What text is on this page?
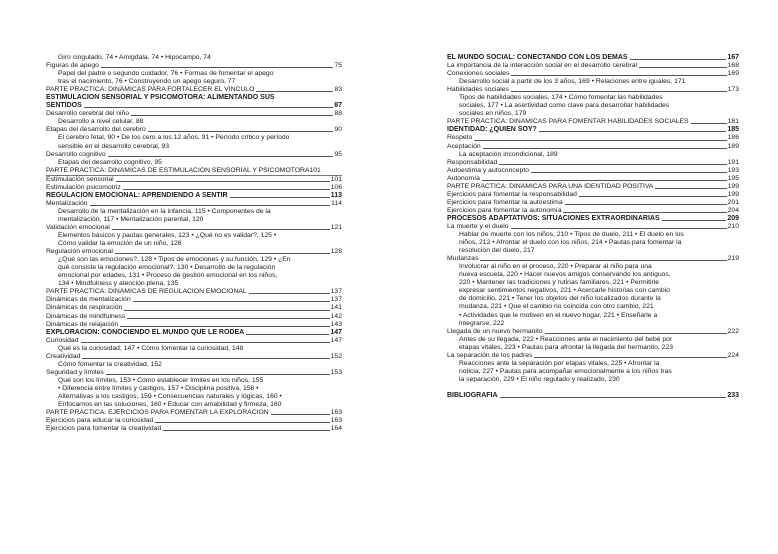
Giro cingulado, 74 • Amígdala, 74 • Hipocampo, 74
Figuras de apego	75
Papel del padre o segundo cuidador, 76 • Formas de fomentar el apego
tras el nacimiento, 76 • Construyendo un apego seguro, 77
PARTE PRÁCTICA: DINÁMICAS PARA FORTALECER EL VÍNCULO	83
ESTIMULACIÓN SENSORIAL Y PSICOMOTORA: ALIMENTANDO SUS
SENTIDOS	87
Desarrollo cerebral del niño	88
Desarrollo a nivel celular, 88
Etapas del desarrollo del cerebro	90
El cerebro fetal, 90 • De los cero a los 12 años, 91 • Período crítico y período
sensible en el desarrollo cerebral, 93
Desarrollo cognitivo	95
Etapas del desarrollo cognitivo, 95
PARTE PRÁCTICA: DINÁMICAS DE ESTIMULACIÓN SENSORIAL Y PSICOMOTORA101
Estimulación sensorial	101
Estimulación psicomotriz	106
REGULACIÓN EMOCIONAL: APRENDIENDO A SENTIR	113
Mentalización	114
Desarrollo de la mentalización en la infancia, 115 • Componentes de la
mentalización, 117 • Mentalización parental, 120
Validación emocional	121
Elementos básicos y pautas generales, 123 • ¿Qué no es validar?, 125 •
Cómo validar la emoción de un niño, 126
Regulación emocional	128
¿Qué son las emociones?, 128 • Tipos de emociones y su función, 129 • ¿En
qué consiste la regulación emocional?, 130 • Desarrollo de la regulación
emocional por edades, 131 • Proceso de gestión emocional en los niños,
134 • Mindfulness y atención plena, 135
PARTE PRÁCTICA: DINÁMICAS DE REGULACIÓN EMOCIONAL	137
Dinámicas de mentalización	137
Dinámicas de respiración	141
Dinámicas de mindfulness	142
Dinámicas de relajación	143
EXPLORACIÓN: CONOCIENDO EL MUNDO QUE LE RODEA	147
Curiosidad	147
Qué es la curiosidad, 147 • Cómo fomentar la curiosidad, 148
Creatividad	152
Cómo fomentar la creatividad, 152
Seguridad y límites	153
Qué son los límites, 153 • Cómo establecer límites en los niños, 155
• Diferencia entre límites y castigos, 157 • Disciplina positiva, 158 •
Alternativas a los castigos, 159 • Consecuencias naturales y lógicas, 160 •
Enfocarnos en las soluciones, 160 • Educar con amabilidad y firmeza, 160
PARTE PRÁCTICA: EJERCICIOS PARA FOMENTAR LA EXPLORACIÓN	163
Ejercicios para educar la curiosidad	163
Ejercicios para fomentar la creatividad	164
EL MUNDO SOCIAL: CONECTANDO CON LOS DEMÁS	167
La importancia de la interacción social en el desarrollo cerebral	168
Conexiones sociales	169
Desarrollo social a partir de los 3 años, 169 • Relaciones entre iguales, 171
Habilidades sociales	173
Tipos de habilidades sociales, 174 • Cómo fomentar las habilidades
sociales, 177 • La asertividad como clave para desarrollar habilidades
sociales en niños, 179
PARTE PRÁCTICA: DINÁMICAS PARA FOMENTAR HABILIDADES SOCIALES	181
IDENTIDAD: ¿QUIÉN SOY?	185
Respeto	186
Aceptación	189
La aceptación incondicional, 189
Responsabilidad	191
Autoestima y autoconcepto	193
Autonomía	195
PARTE PRÁCTICA: DINÁMICAS PARA UNA IDENTIDAD POSITIVA	199
Ejercicios para fomentar la responsabilidad	199
Ejercicios para fomentar la autoestima	201
Ejercicios para fomentar la autonomía	204
PROCESOS ADAPTATIVOS: SITUACIONES EXTRAORDINARIAS	209
La muerte y el duelo	210
Hablar de muerte con los niños, 210 • Tipos de duelo, 211 • El duelo en los
niños, 212 • Afrontar el duelo con los niños, 214 • Pautas para fomentar la
resolución del duelo, 217
Mudanzas	219
Involucrar al niño en el proceso, 220 • Preparar al niño para una
nueva escuela, 220 • Hacer nuevos amigos conservando los antiguos,
220 • Mantener las tradiciones y rutinas familiares, 221 • Permitirle
expresar sentimientos negativos, 221 • Acercarle historias con cambio
de domicilio, 221 • Tener los objetos del niño localizados durante la
mudanza, 221 • Que el cambio no coincida con otro cambio, 221
• Actividades que le motiven en el nuevo hogar, 221 • Enseñarle a
integrarse, 222
Llegada de un nuevo hermanito	222
Antes de su llegada, 222 • Reacciones ante el nacimiento del bebé por
etapas vitales, 223 • Pautas para afrontar la llegada del hermanito, 223
La separación de los padres	224
Reacciones ante la separación por etapas vitales, 225 • Afrontar la
noticia, 227 • Pautas para acompañar emocionalmente a los niños tras
la separación, 229 • El niño regulado y realizado, 230

BIBLIOGRAFÍA	233
